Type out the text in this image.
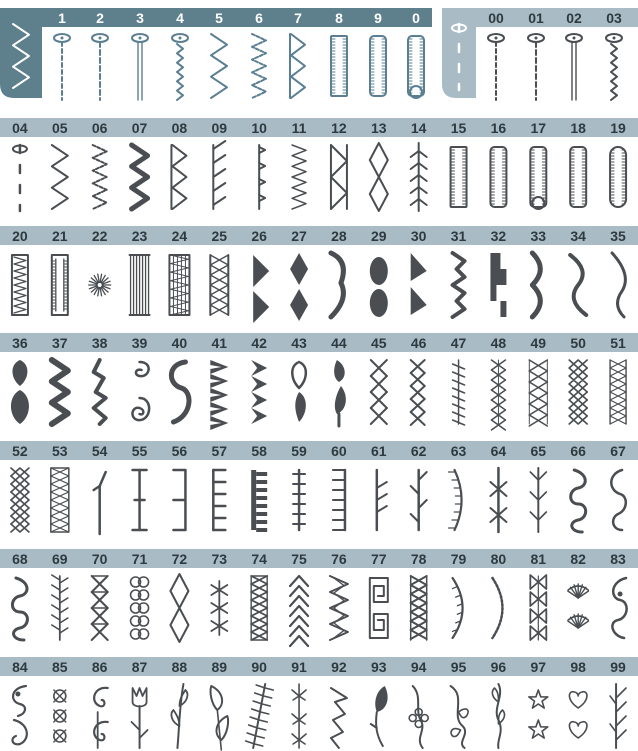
1 2 3 4 5 6 7 8 9 0	00 01 02 03
04 05 06 07 08 09 10 11 12 13 14 15 16 17 18 19
20 21 22 23 24 25 26 27 28 29 30 31 32 33 34 35
36 37 38 39 40 41 42 43 44 45 46 47 48 49 50 51
52 53 54 55 56 57 58 59 60 61 62 63 64 65 66 67
68 69 70 71 72 73 74 75 76 77 78 79 80 81 82 83
84 85 86 87 88 89 90 91 92 93 94 95 96 97 98 99
